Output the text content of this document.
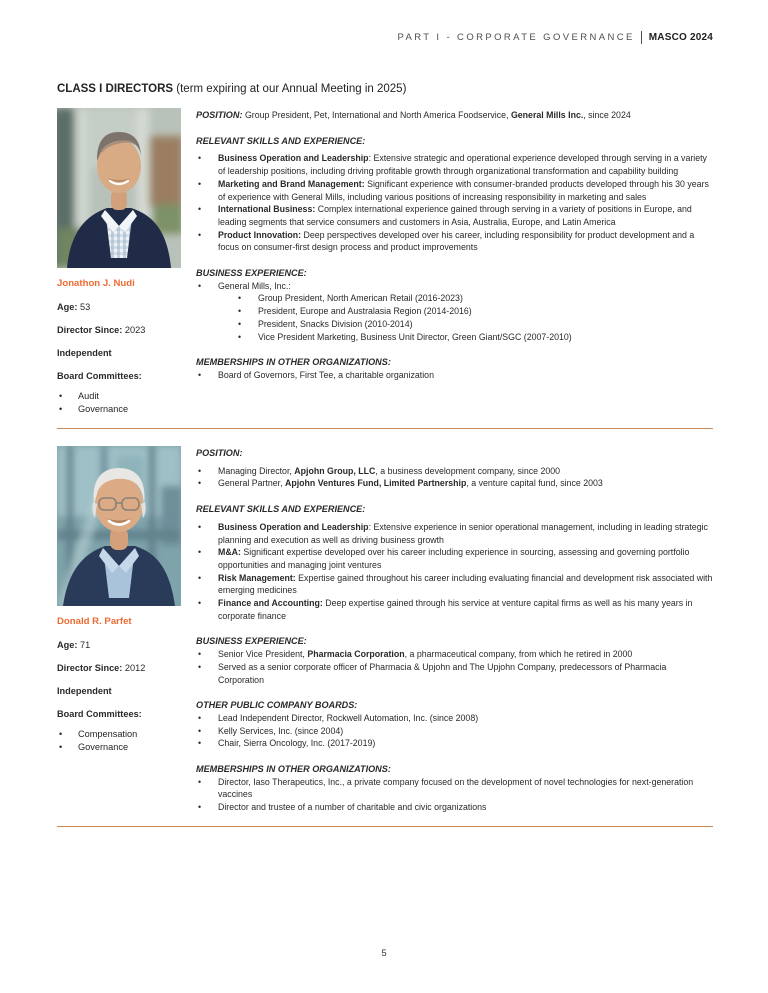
PART I - CORPORATE GOVERNANCE MASCO 2024
CLASS I DIRECTORS (term expiring at our Annual Meeting in 2025)
Jonathon J. Nudi
Age: 53
Director Since: 2023
Independent
Board Committees:
• Audit
• Governance

POSITION: Group President, Pet, International and North America Foodservice, General Mills Inc., since 2024

RELEVANT SKILLS AND EXPERIENCE:

• Business Operation and Leadership: Extensive strategic and operational experience developed through serving in a variety of leadership positions, including driving profitable growth through organizational transformation and capability building
• Marketing and Brand Management: Significant experience with consumer-branded products developed through his 30 years of experience with General Mills, including various positions of increasing responsibility in marketing and sales
• International Business: Complex international experience gained through serving in a variety of positions in Europe, and leading segments that service consumers and customers in Asia, Australia, Europe, and Latin America
• Product Innovation: Deep perspectives developed over his career, including responsibility for product development and a focus on consumer-first design process and product improvements

BUSINESS EXPERIENCE:

• General Mills, Inc.:
• Group President, North American Retail (2016-2023)
• President, Europe and Australasia Region (2014-2016)
• President, Snacks Division (2010-2014)
• Vice President Marketing, Business Unit Director, Green Giant/SGC (2007-2010)

MEMBERSHIPS IN OTHER ORGANIZATIONS:

• Board of Governors, First Tee, a charitable organization
Donald R. Parfet
Age: 71
Director Since: 2012
Independent
Board Committees:
• Compensation
• Governance

POSITION:

• Managing Director, Apjohn Group, LLC, a business development company, since 2000
• General Partner, Apjohn Ventures Fund, Limited Partnership, a venture capital fund, since 2003

RELEVANT SKILLS AND EXPERIENCE:

• Business Operation and Leadership: Extensive experience in senior operational management, including in leading strategic planning and execution as well as driving business growth
• M&A: Significant expertise developed over his career including experience in sourcing, assessing and governing portfolio opportunities and managing joint ventures
• Risk Management: Expertise gained throughout his career including evaluating financial and development risk associated with emerging medicines
• Finance and Accounting: Deep expertise gained through his service at venture capital firms as well as his many years in corporate finance

BUSINESS EXPERIENCE:

• Senior Vice President, Pharmacia Corporation, a pharmaceutical company, from which he retired in 2000
• Served as a senior corporate officer of Pharmacia & Upjohn and The Upjohn Company, predecessors of Pharmacia Corporation

OTHER PUBLIC COMPANY BOARDS:

• Lead Independent Director, Rockwell Automation, Inc. (since 2008)
• Kelly Services, Inc. (since 2004)
• Chair, Sierra Oncology, Inc. (2017-2019)

MEMBERSHIPS IN OTHER ORGANIZATIONS:

• Director, Iaso Therapeutics, Inc., a private company focused on the development of novel technologies for next-generation vaccines
• Director and trustee of a number of charitable and civic organizations
5
